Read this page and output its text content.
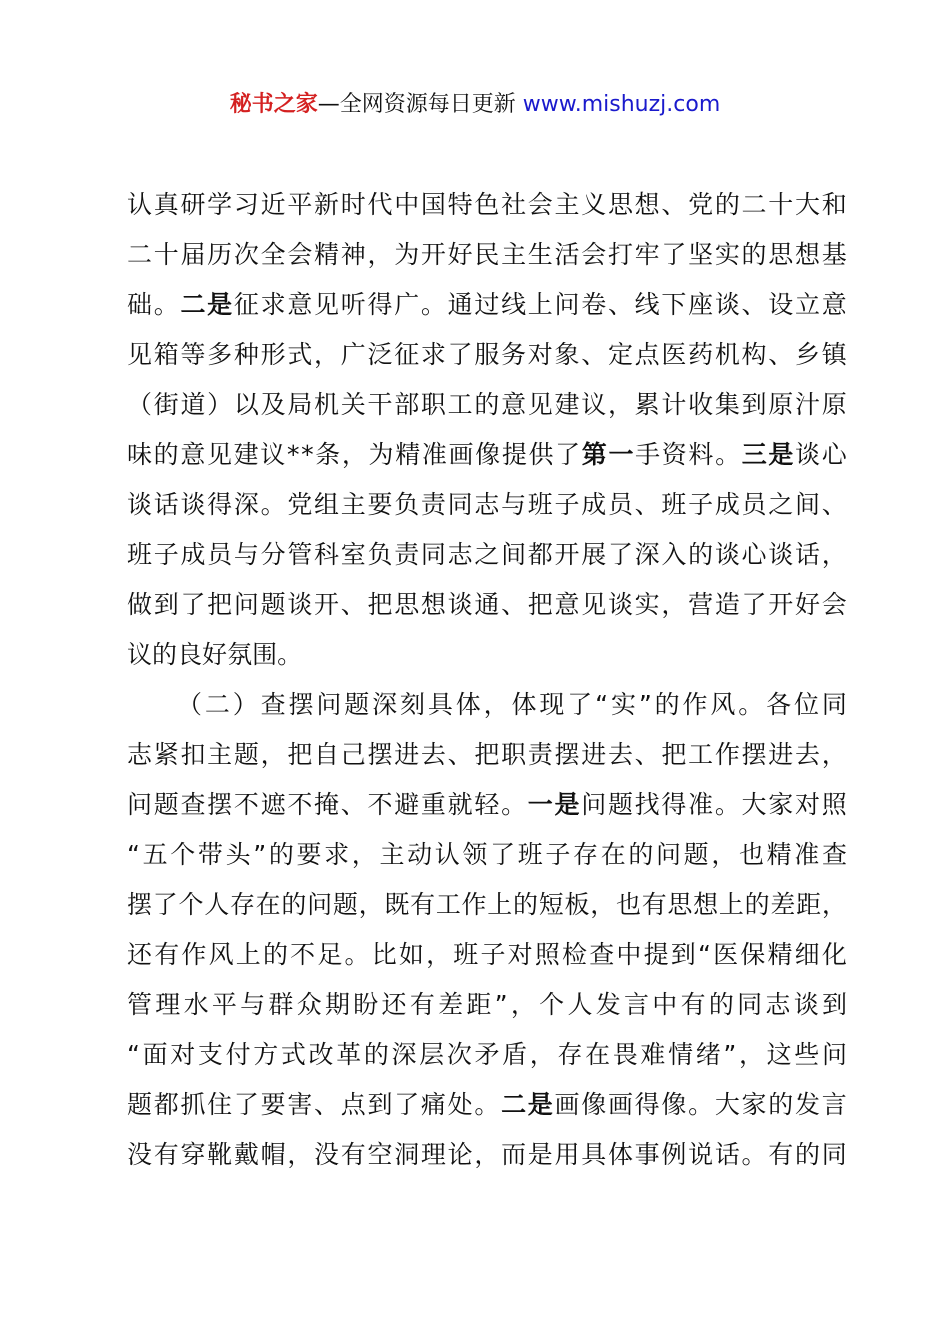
秘书之家—全网资源每日更新 www.mishuzj.com
认 真 研 学 习 近 平 新 时 代 中 国 特 色 社 会 主 义 思 想 、 党 的 二 十 大 和
二 十 届 历 次 全 会 精 神 ， 为 开 好 民 主 生 活 会 打 牢 了 坚 实 的 思 想 基
础 。 二 是 征 求 意 见 听 得 广 。 通 过 线 上 问 卷 、 线 下 座 谈 、 设 立 意
见 箱 等 多 种 形 式 ， 广 泛 征 求 了 服 务 对 象 、 定 点 医 药 机 构 、 乡 镇
（ 街 道 ） 以 及 局 机 关 干 部 职 工 的 意 见 建 议 ， 累 计 收 集 到 原 汁 原
味 的 意 见 建 议 * * 条 ， 为 精 准 画 像 提 供 了 第 一 手 资 料 。 三 是 谈 心
谈 话 谈 得 深 。 党 组 主 要 负 责 同 志 与 班 子 成 员 、 班 子 成 员 之 间 、
班 子 成 员 与 分 管 科 室 负 责 同 志 之 间 都 开 展 了 深 入 的 谈 心 谈 话 ，
做 到 了 把 问 题 谈 开 、 把 思 想 谈 通 、 把 意 见 谈 实 ， 营 造 了 开 好 会
议 的 良 好 氛 围 。
（ 二 ） 查 摆 问 题 深 刻 具 体 ， 体 现 了 “ 实 ” 的 作 风 。 各 位 同
志 紧 扣 主 题 ， 把 自 己 摆 进 去 、 把 职 责 摆 进 去 、 把 工 作 摆 进 去 ，
问 题 查 摆 不 遮 不 掩 、 不 避 重 就 轻 。 一 是 问 题 找 得 准 。 大 家 对 照
“ 五 个 带 头 ” 的 要 求 ， 主 动 认 领 了 班 子 存 在 的 问 题 ， 也 精 准 查
摆 了 个 人 存 在 的 问 题 ， 既 有 工 作 上 的 短 板 ， 也 有 思 想 上 的 差 距 ，
还 有 作 风 上 的 不 足 。 比 如 ， 班 子 对 照 检 查 中 提 到 “ 医 保 精 细 化
管 理 水 平 与 群 众 期 盼 还 有 差 距 ” ， 个 人 发 言 中 有 的 同 志 谈 到
“ 面 对 支 付 方 式 改 革 的 深 层 次 矛 盾 ， 存 在 畏 难 情 绪 ” ， 这 些 问
题 都 抓 住 了 要 害 、 点 到 了 痛 处 。 二 是 画 像 画 得 像 。 大 家 的 发 言
没 有 穿 靴 戴 帽 ， 没 有 空 洞 理 论 ， 而 是 用 具 体 事 例 说 话 。 有 的 同
